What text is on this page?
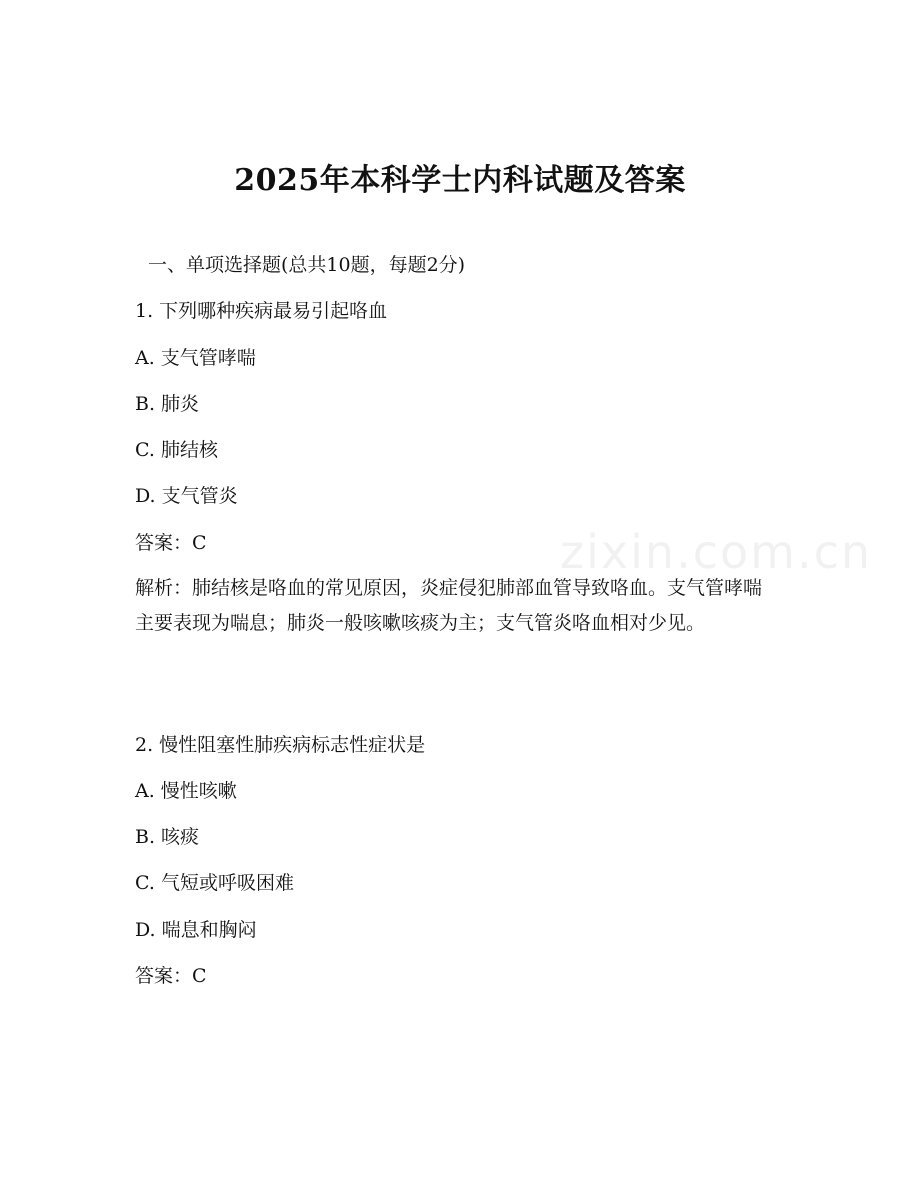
2025年本科学士内科试题及答案
一、单项选择题(总共10题，每题2分)
1. 下列哪种疾病最易引起咯血
A. 支气管哮喘
B. 肺炎
C. 肺结核
D. 支气管炎
答案：C
解析：肺结核是咯血的常见原因，炎症侵犯肺部血管导致咯血。支气管哮喘主要表现为喘息；肺炎一般咳嗽咳痰为主；支气管炎咯血相对少见。
2. 慢性阻塞性肺疾病标志性症状是
A. 慢性咳嗽
B. 咳痰
C. 气短或呼吸困难
D. 喘息和胸闷
答案：C
zixin.com.cn
